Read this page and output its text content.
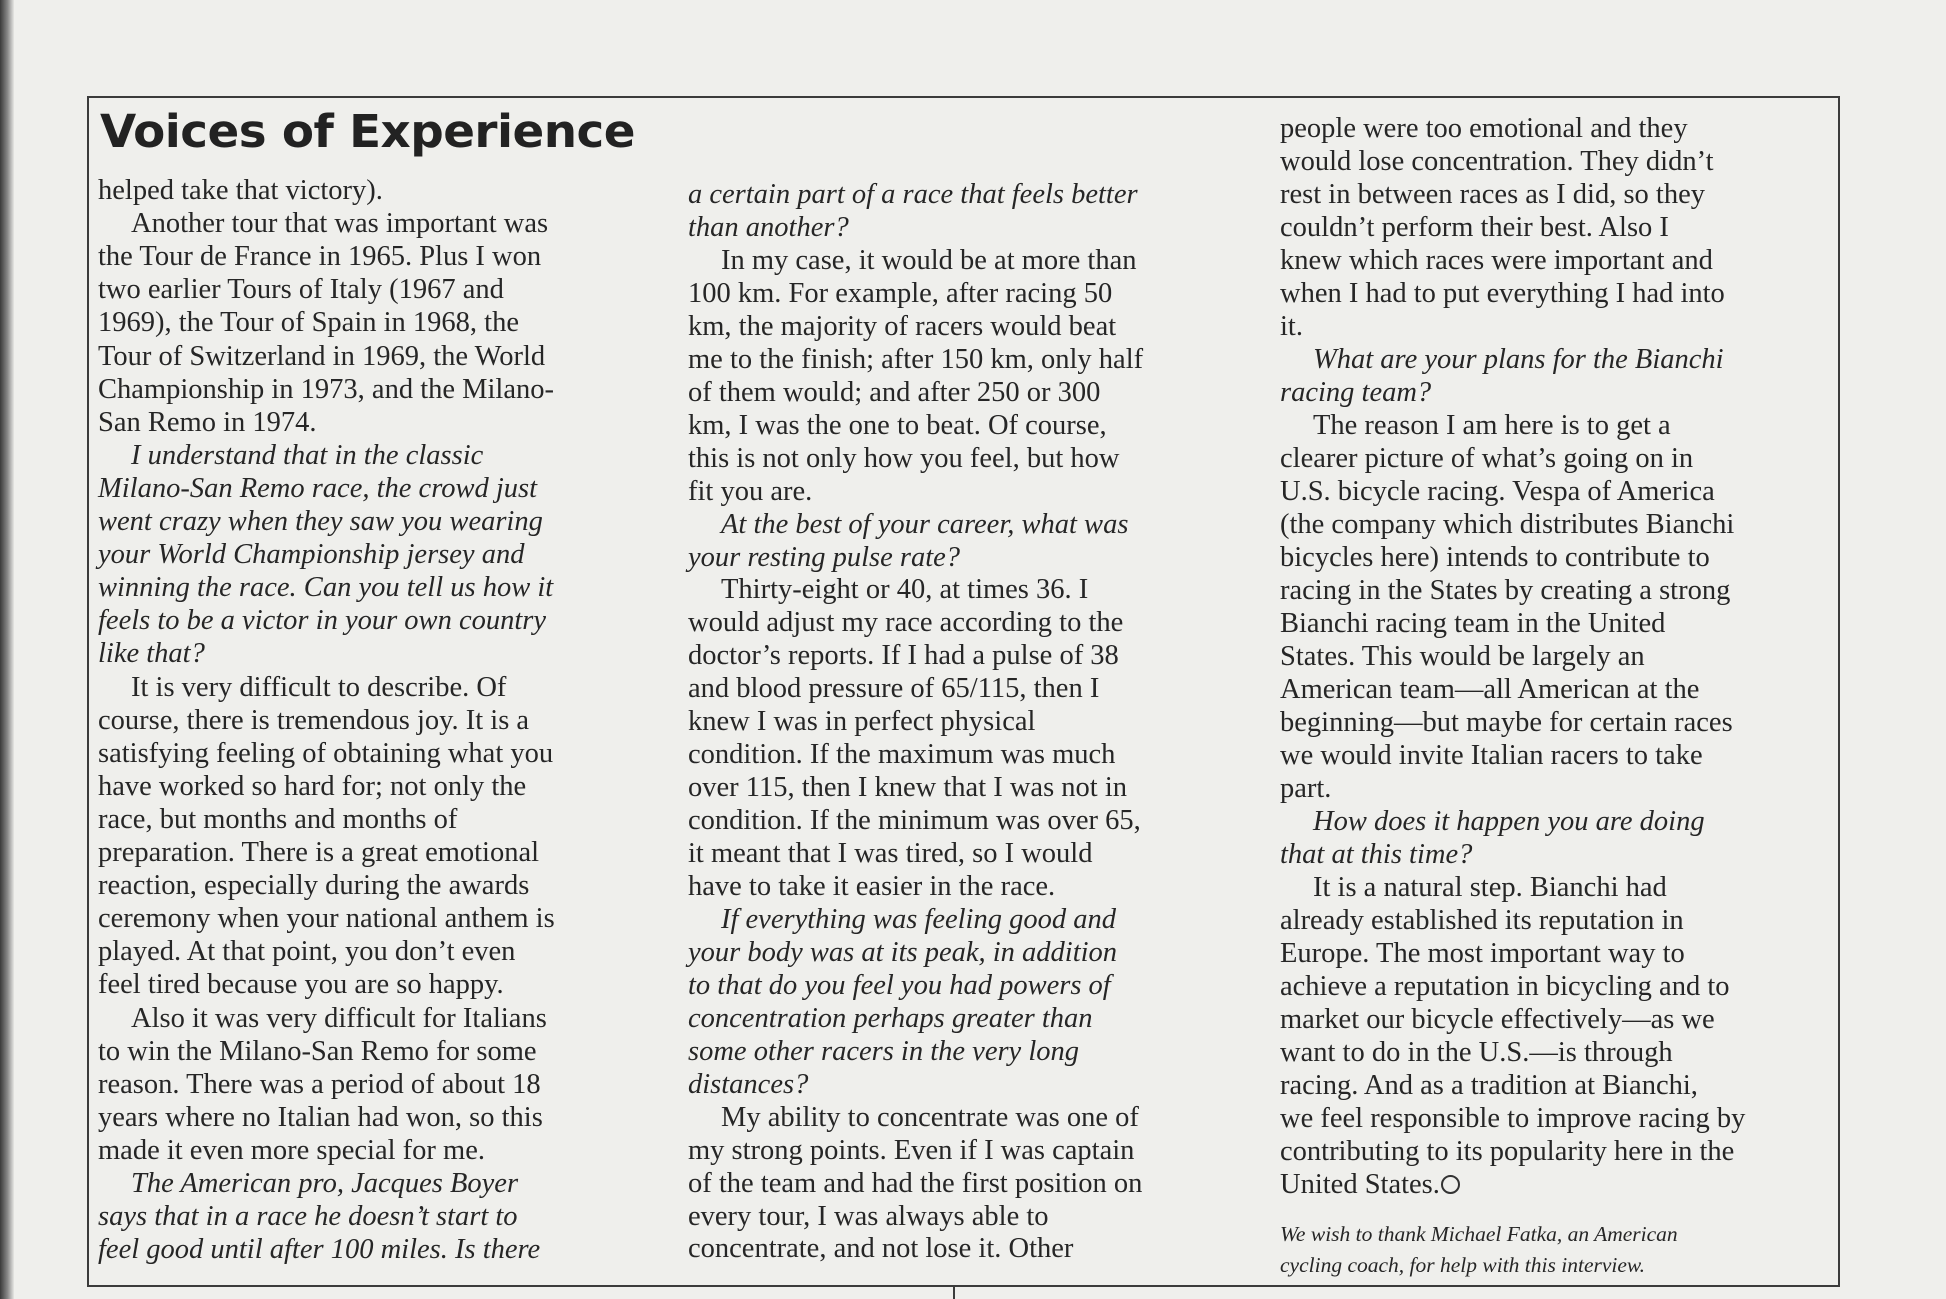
Voices of Experience
helped take that victory).
Another tour that was important was
the Tour de France in 1965. Plus I won
two earlier Tours of Italy (1967 and
1969), the Tour of Spain in 1968, the
Tour of Switzerland in 1969, the World
Championship in 1973, and the Milano-
San Remo in 1974.
I understand that in the classic
Milano-San Remo race, the crowd just
went crazy when they saw you wearing
your World Championship jersey and
winning the race. Can you tell us how it
feels to be a victor in your own country
like that?
It is very difficult to describe. Of
course, there is tremendous joy. It is a
satisfying feeling of obtaining what you
have worked so hard for; not only the
race, but months and months of
preparation. There is a great emotional
reaction, especially during the awards
ceremony when your national anthem is
played. At that point, you don’t even
feel tired because you are so happy.
Also it was very difficult for Italians
to win the Milano-San Remo for some
reason. There was a period of about 18
years where no Italian had won, so this
made it even more special for me.
The American pro, Jacques Boyer
says that in a race he doesn’t start to
feel good until after 100 miles. Is there
a certain part of a race that feels better
than another?
In my case, it would be at more than
100 km. For example, after racing 50
km, the majority of racers would beat
me to the finish; after 150 km, only half
of them would; and after 250 or 300
km, I was the one to beat. Of course,
this is not only how you feel, but how
fit you are.
At the best of your career, what was
your resting pulse rate?
Thirty-eight or 40, at times 36. I
would adjust my race according to the
doctor’s reports. If I had a pulse of 38
and blood pressure of 65/115, then I
knew I was in perfect physical
condition. If the maximum was much
over 115, then I knew that I was not in
condition. If the minimum was over 65,
it meant that I was tired, so I would
have to take it easier in the race.
If everything was feeling good and
your body was at its peak, in addition
to that do you feel you had powers of
concentration perhaps greater than
some other racers in the very long
distances?
My ability to concentrate was one of
my strong points. Even if I was captain
of the team and had the first position on
every tour, I was always able to
concentrate, and not lose it. Other
people were too emotional and they
would lose concentration. They didn’t
rest in between races as I did, so they
couldn’t perform their best. Also I
knew which races were important and
when I had to put everything I had into
it.
What are your plans for the Bianchi
racing team?
The reason I am here is to get a
clearer picture of what’s going on in
U.S. bicycle racing. Vespa of America
(the company which distributes Bianchi
bicycles here) intends to contribute to
racing in the States by creating a strong
Bianchi racing team in the United
States. This would be largely an
American team—all American at the
beginning—but maybe for certain races
we would invite Italian racers to take
part.
How does it happen you are doing
that at this time?
It is a natural step. Bianchi had
already established its reputation in
Europe. The most important way to
achieve a reputation in bicycling and to
market our bicycle effectively—as we
want to do in the U.S.—is through
racing. And as a tradition at Bianchi,
we feel responsible to improve racing by
contributing to its popularity here in the
United States.
We wish to thank Michael Fatka, an American
cycling coach, for help with this interview.
